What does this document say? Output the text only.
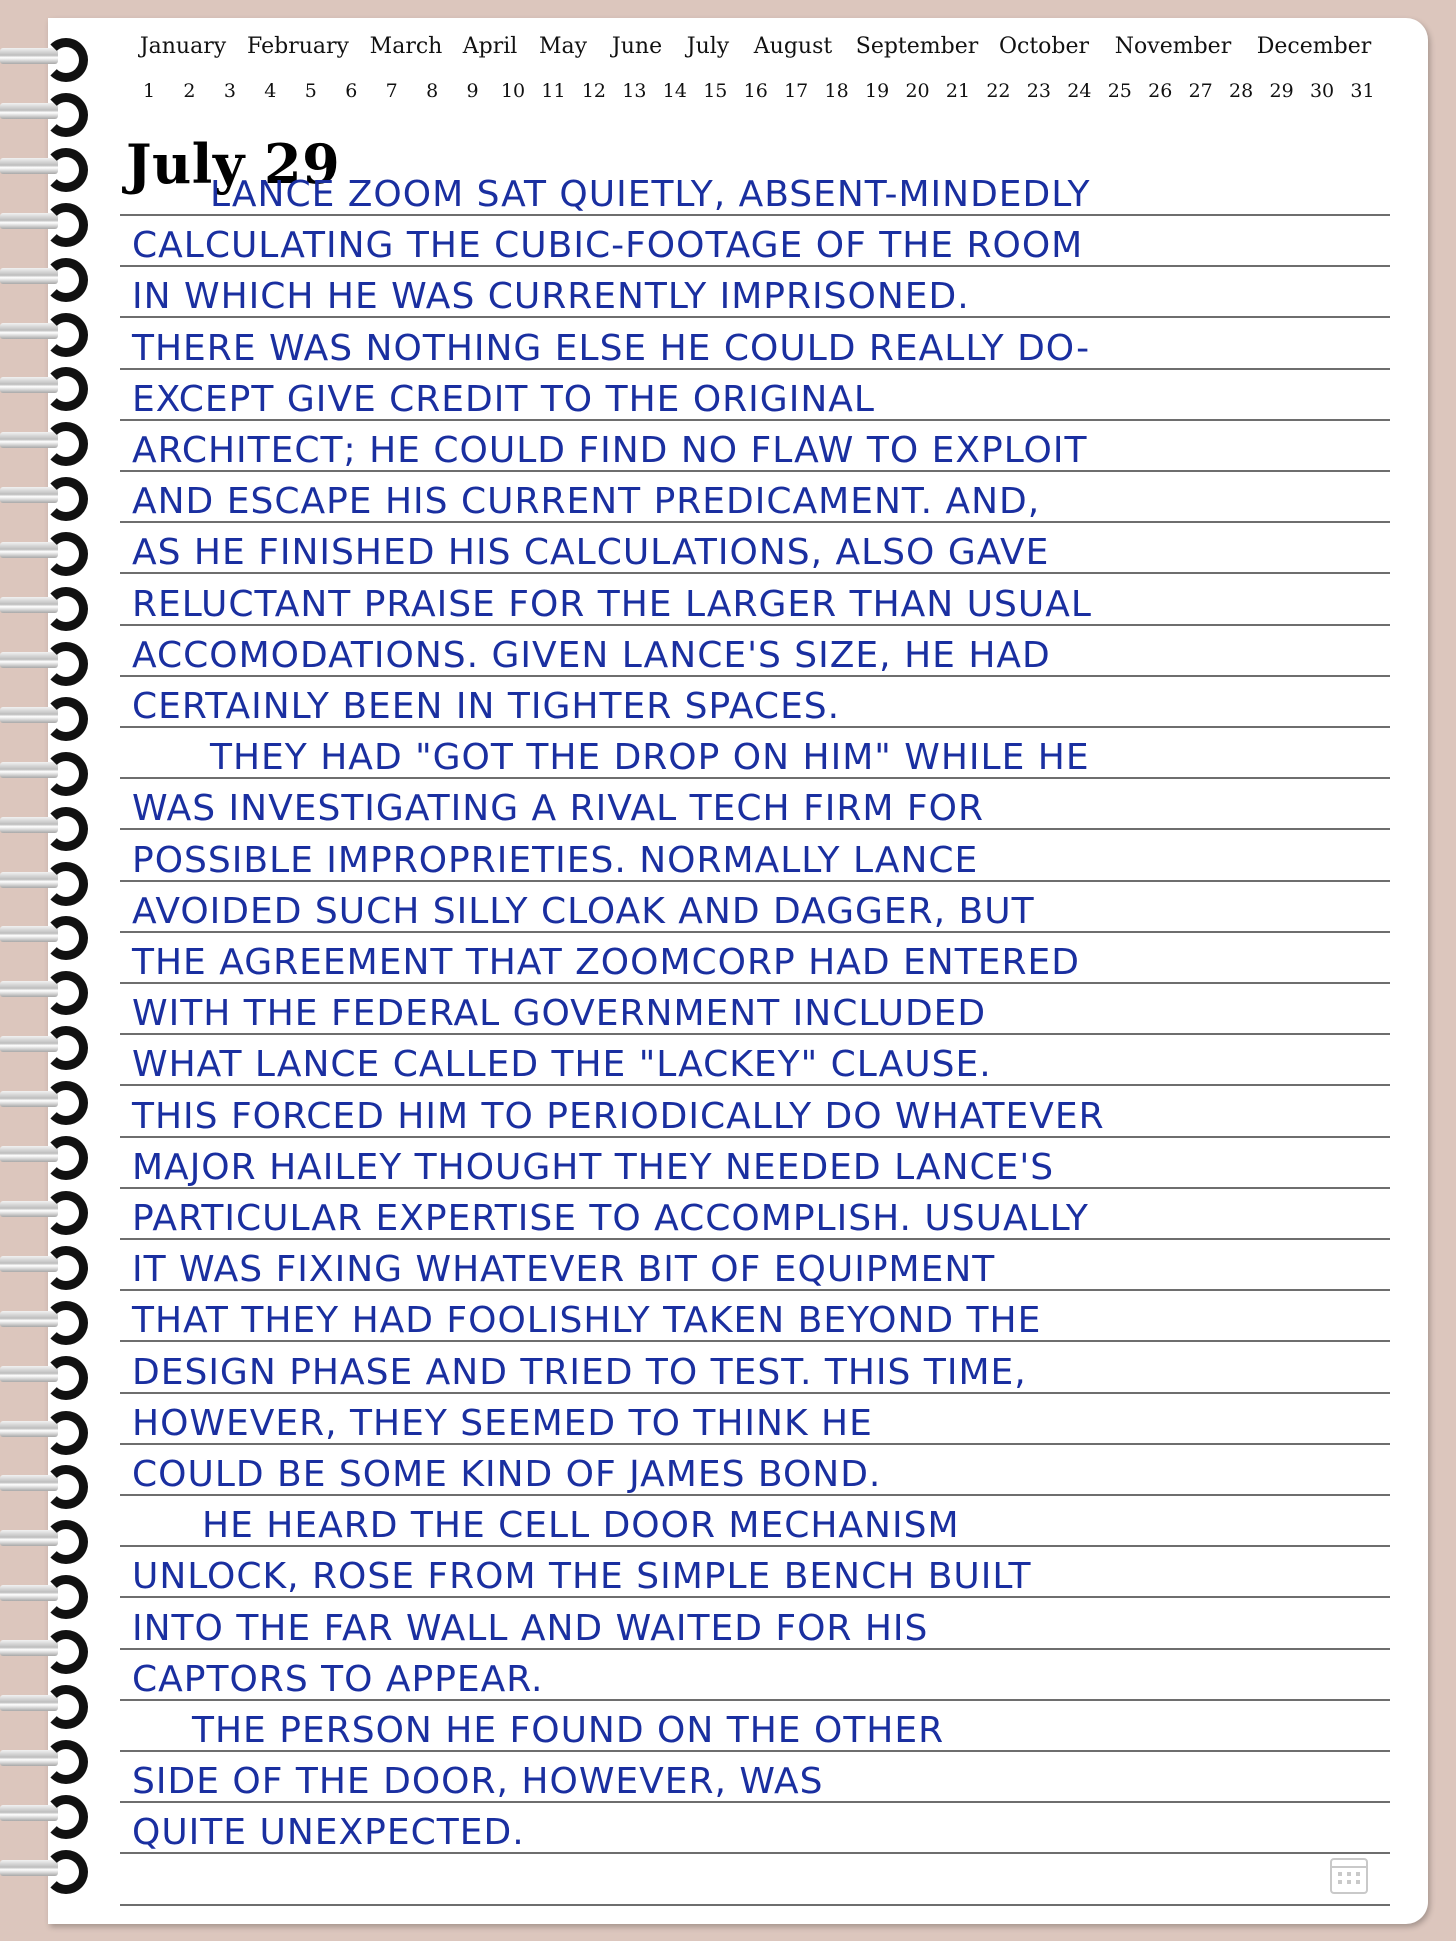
January February March April May June July August September October November December
1 2 3 4 5 6 7 8 9 10 11 12 13 14 15 16 17 18 19 20 21 22 23 24 25 26 27 28 29 30 31
July 29
LANCE ZOOM SAT QUIETLY, ABSENT-MINDEDLY
CALCULATING THE CUBIC-FOOTAGE OF THE ROOM
IN WHICH HE WAS CURRENTLY IMPRISONED.
THERE WAS NOTHING ELSE HE COULD REALLY DO-
EXCEPT GIVE CREDIT TO THE ORIGINAL
ARCHITECT; HE COULD FIND NO FLAW TO EXPLOIT
AND ESCAPE HIS CURRENT PREDICAMENT. AND,
AS HE FINISHED HIS CALCULATIONS, ALSO GAVE
RELUCTANT PRAISE FOR THE LARGER THAN USUAL
ACCOMODATIONS. GIVEN LANCE'S SIZE, HE HAD
CERTAINLY BEEN IN TIGHTER SPACES.
THEY HAD "GOT THE DROP ON HIM" WHILE HE
WAS INVESTIGATING A RIVAL TECH FIRM FOR
POSSIBLE IMPROPRIETIES. NORMALLY LANCE
AVOIDED SUCH SILLY CLOAK AND DAGGER, BUT
THE AGREEMENT THAT ZOOMCORP HAD ENTERED
WITH THE FEDERAL GOVERNMENT INCLUDED
WHAT LANCE CALLED THE "LACKEY" CLAUSE.
THIS FORCED HIM TO PERIODICALLY DO WHATEVER
MAJOR HAILEY THOUGHT THEY NEEDED LANCE'S
PARTICULAR EXPERTISE TO ACCOMPLISH. USUALLY
IT WAS FIXING WHATEVER BIT OF EQUIPMENT
THAT THEY HAD FOOLISHLY TAKEN BEYOND THE
DESIGN PHASE AND TRIED TO TEST. THIS TIME,
HOWEVER, THEY SEEMED TO THINK HE
COULD BE SOME KIND OF JAMES BOND.
HE HEARD THE CELL DOOR MECHANISM
UNLOCK, ROSE FROM THE SIMPLE BENCH BUILT
INTO THE FAR WALL AND WAITED FOR HIS
CAPTORS TO APPEAR.
THE PERSON HE FOUND ON THE OTHER
SIDE OF THE DOOR, HOWEVER, WAS
QUITE UNEXPECTED.
